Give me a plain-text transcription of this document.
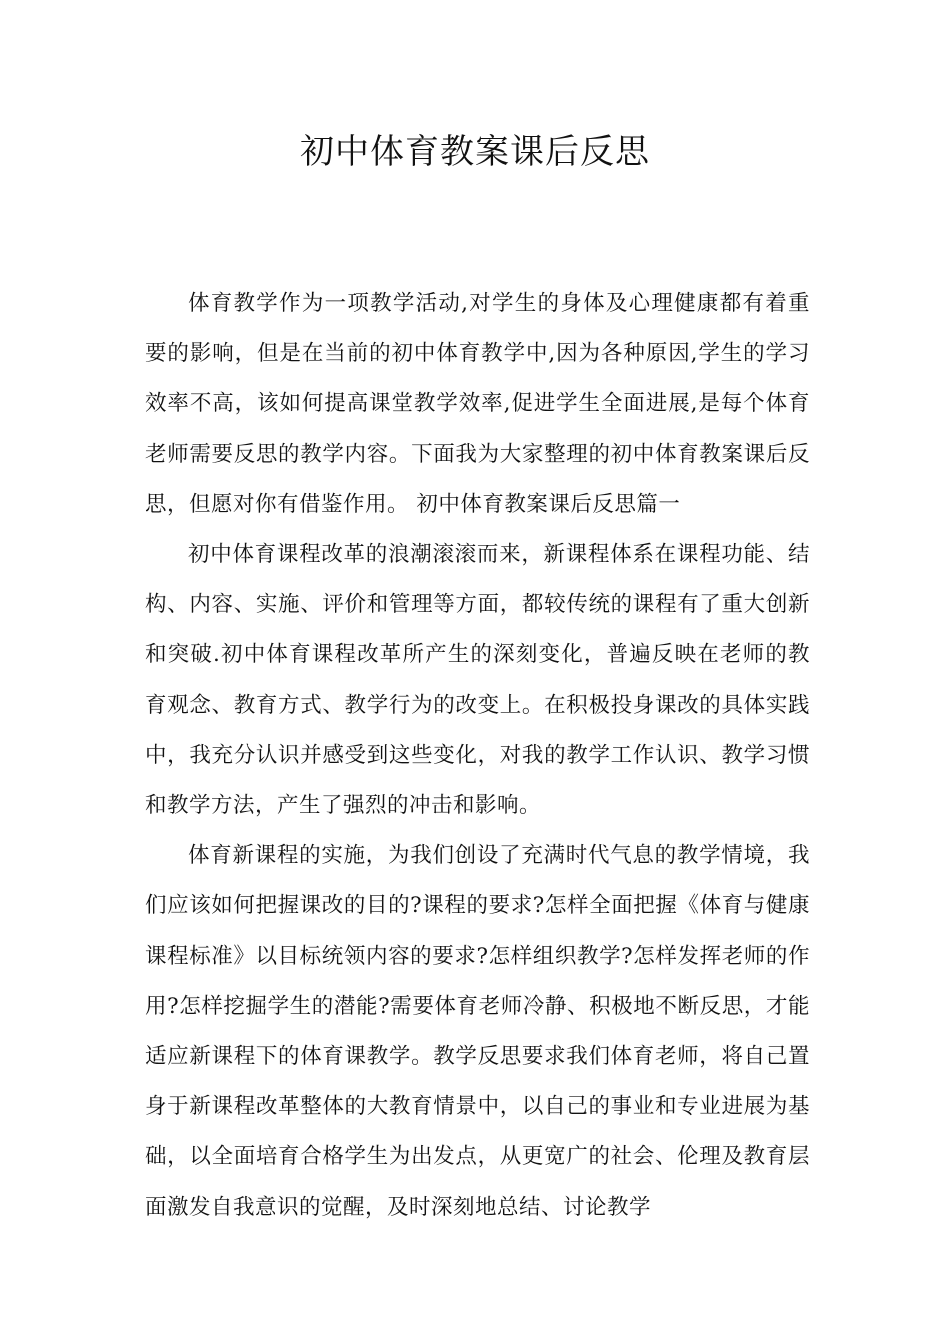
初中体育教案课后反思

体育教学作为一项教学活动,对学生的身体及心理健康都有着重要的影响，但是在当前的初中体育教学中,因为各种原因,学生的学习效率不高，该如何提高课堂教学效率,促进学生全面进展,是每个体育老师需要反思的教学内容。下面我为大家整理的初中体育教案课后反思，但愿对你有借鉴作用。 初中体育教案课后反思篇一

初中体育课程改革的浪潮滚滚而来，新课程体系在课程功能、结构、内容、实施、评价和管理等方面，都较传统的课程有了重大创新和突破.初中体育课程改革所产生的深刻变化，普遍反映在老师的教育观念、教育方式、教学行为的改变上。在积极投身课改的具体实践中，我充分认识并感受到这些变化，对我的教学工作认识、教学习惯和教学方法，产生了强烈的冲击和影响。

体育新课程的实施，为我们创设了充满时代气息的教学情境，我们应该如何把握课改的目的?课程的要求?怎样全面把握《体育与健康课程标准》以目标统领内容的要求?怎样组织教学?怎样发挥老师的作用?怎样挖掘学生的潜能?需要体育老师冷静、积极地不断反思，才能适应新课程下的体育课教学。教学反思要求我们体育老师，将自己置身于新课程改革整体的大教育情景中，以自己的事业和专业进展为基础，以全面培育合格学生为出发点，从更宽广的社会、伦理及教育层面激发自我意识的觉醒，及时深刻地总结、讨论教学
